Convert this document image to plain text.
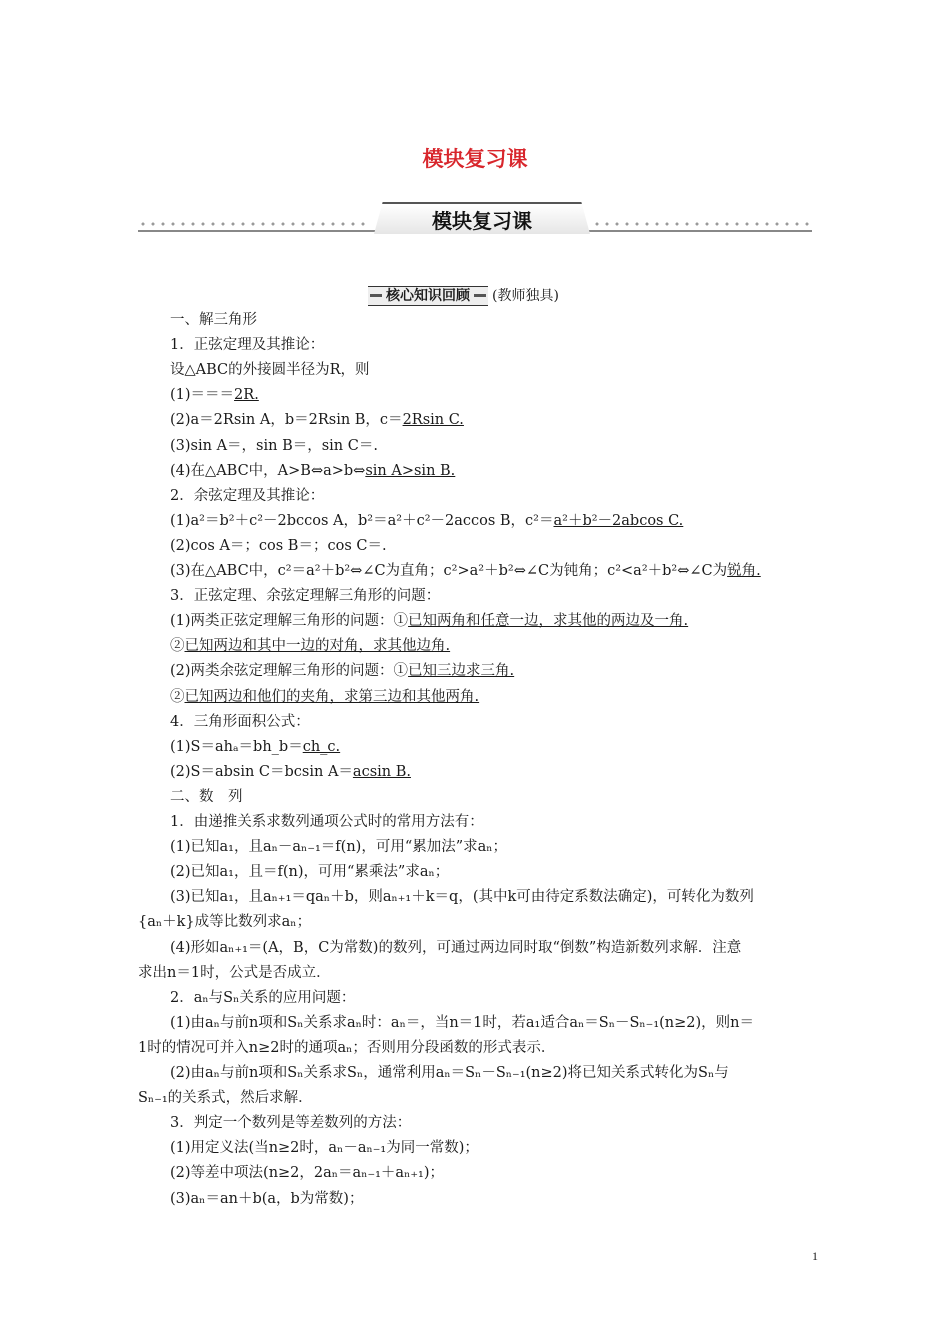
模块复习课
模块复习课
核心知识回顾 (教师独具)
一、解三角形
1．正弦定理及其推论：
设△ABC的外接圆半径为R，则
(1)＝＝＝2R.
(2)a＝2Rsin A，b＝2Rsin B，c＝2Rsin C.
(3)sin A＝，sin B＝，sin C＝.
(4)在△ABC中，A>B⇔a>b⇔sin A>sin B.
2．余弦定理及其推论：
(1)a²＝b²＋c²－2bccos A，b²＝a²＋c²－2accos B，c²＝a²＋b²－2abcos C.
(2)cos A＝；cos B＝；cos C＝.
(3)在△ABC中，c²＝a²＋b²⇔∠C为直角；c²>a²＋b²⇔∠C为钝角；c²<a²＋b²⇔∠C为锐角.
3．正弦定理、余弦定理解三角形的问题：
(1)两类正弦定理解三角形的问题：①已知两角和任意一边，求其他的两边及一角.
②已知两边和其中一边的对角，求其他边角.
(2)两类余弦定理解三角形的问题：①已知三边求三角.
②已知两边和他们的夹角，求第三边和其他两角.
4．三角形面积公式：
(1)S＝ahₐ＝bh_b＝ch_c.
(2)S＝absin C＝bcsin A＝acsin B.
二、数　列
1．由递推关系求数列通项公式时的常用方法有：
(1)已知a₁，且aₙ－aₙ₋₁＝f(n)，可用“累加法”求aₙ；
(2)已知a₁，且＝f(n)，可用“累乘法”求aₙ；
(3)已知a₁，且aₙ₊₁＝qaₙ＋b，则aₙ₊₁＋k＝q，(其中k可由待定系数法确定)，可转化为数列
{aₙ＋k}成等比数列求aₙ；
(4)形如aₙ₊₁＝(A，B，C为常数)的数列，可通过两边同时取“倒数”构造新数列求解．注意
求出n＝1时，公式是否成立．
2．aₙ与Sₙ关系的应用问题：
(1)由aₙ与前n项和Sₙ关系求aₙ时：aₙ＝，当n＝1时，若a₁适合aₙ＝Sₙ－Sₙ₋₁(n≥2)，则n＝
1时的情况可并入n≥2时的通项aₙ；否则用分段函数的形式表示．
(2)由aₙ与前n项和Sₙ关系求Sₙ，通常利用aₙ＝Sₙ－Sₙ₋₁(n≥2)将已知关系式转化为Sₙ与
Sₙ₋₁的关系式，然后求解．
3．判定一个数列是等差数列的方法：
(1)用定义法(当n≥2时，aₙ－aₙ₋₁为同一常数)；
(2)等差中项法(n≥2，2aₙ＝aₙ₋₁＋aₙ₊₁)；
(3)aₙ＝an＋b(a，b为常数)；
1
